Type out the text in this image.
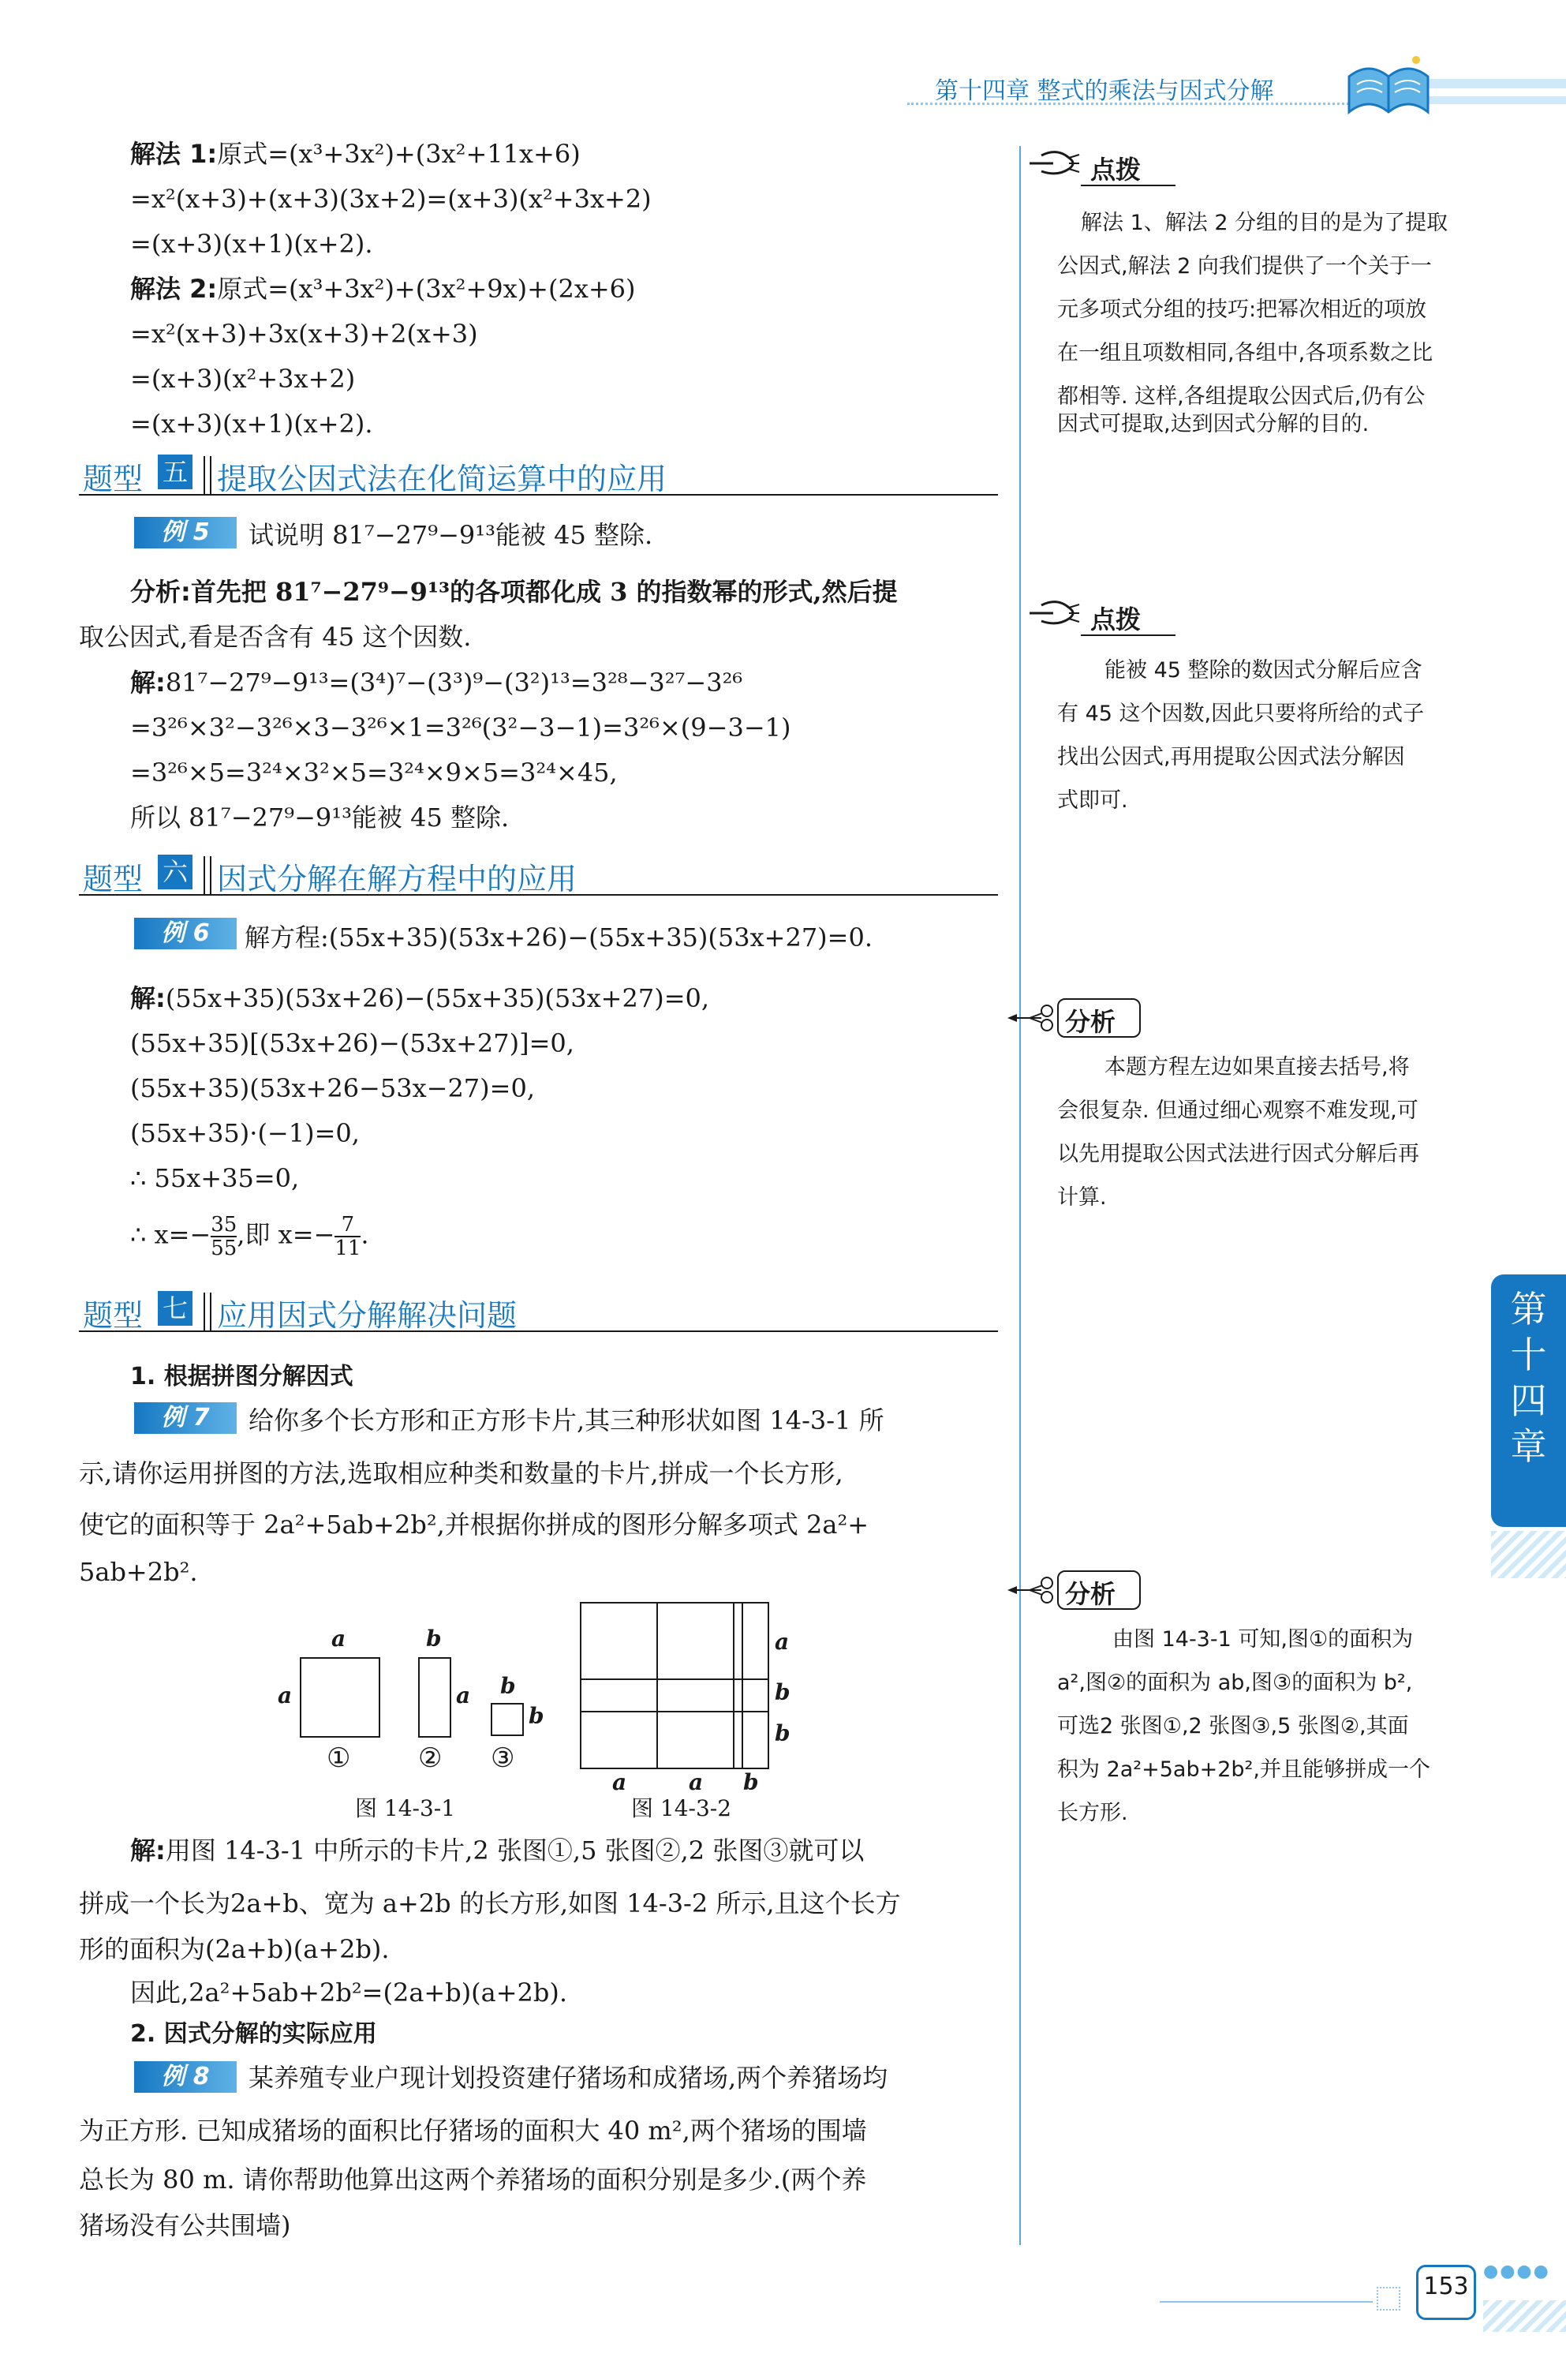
第十四章 整式的乘法与因式分解
解法 1:原式=(x³+3x²)+(3x²+11x+6)
=x²(x+3)+(x+3)(3x+2)=(x+3)(x²+3x+2)
=(x+3)(x+1)(x+2).
解法 2:原式=(x³+3x²)+(3x²+9x)+(2x+6)
=x²(x+3)+3x(x+3)+2(x+3)
=(x+3)(x²+3x+2)
=(x+3)(x+1)(x+2).
题型 五 提取公因式法在化简运算中的应用
例 5	试说明 81⁷−27⁹−9¹³能被 45 整除.
分析:首先把 81⁷−27⁹−9¹³的各项都化成 3 的指数幂的形式,然后提
取公因式,看是否含有 45 这个因数.
解:81⁷−27⁹−9¹³=(3⁴)⁷−(3³)⁹−(3²)¹³=3²⁸−3²⁷−3²⁶
=3²⁶×3²−3²⁶×3−3²⁶×1=3²⁶(3²−3−1)=3²⁶×(9−3−1)
=3²⁶×5=3²⁴×3²×5=3²⁴×9×5=3²⁴×45,
所以 81⁷−27⁹−9¹³能被 45 整除.
题型 六 因式分解在解方程中的应用
例 6	解方程:(55x+35)(53x+26)−(55x+35)(53x+27)=0.
解:(55x+35)(53x+26)−(55x+35)(53x+27)=0,
(55x+35)[(53x+26)−(53x+27)]=0,
(55x+35)(53x+26−53x−27)=0,
(55x+35)·(−1)=0,
∴ 55x+35=0,
∴ $x=- \frac{35}{55}$ ,即 $x=- \frac{7}{11}$ .
题型 七 应用因式分解解决问题
1. 根据拼图分解因式
例 7	给你多个长方形和正方形卡片,其三种形状如图 14-3-1 所
示,请你运用拼图的方法,选取相应种类和数量的卡片,拼成一个长方形,
使它的面积等于 2a²+5ab+2b²,并根据你拼成的图形分解多项式 2a²+
5ab+2b².
a
a
b
a b
b
①	② ③
图 14-3-1
a
b
b
a	a b
图 14-3-2
解:用图 14-3-1 中所示的卡片,2 张图①,5 张图②,2 张图③就可以
拼成一个长为2a+b、宽为 a+2b 的长方形,如图 14-3-2 所示,且这个长方
形的面积为(2a+b)(a+2b).
因此,2a²+5ab+2b²=(2a+b)(a+2b).
2. 因式分解的实际应用
例 8	某养殖专业户现计划投资建仔猪场和成猪场,两个养猪场均
为正方形. 已知成猪场的面积比仔猪场的面积大 40 m²,两个猪场的围墙
总长为 80 m. 请你帮助他算出这两个养猪场的面积分别是多少.(两个养
猪场没有公共围墙)
点拨
解法 1、解法 2 分组的目的是为了提取
公因式,解法 2 向我们提供了一个关于一
元多项式分组的技巧:把幂次相近的项放
在一组且项数相同,各组中,各项系数之比
都相等. 这样,各组提取公因式后,仍有公
因式可提取,达到因式分解的目的.
点拨
能被 45 整除的数因式分解后应含
有 45 这个因数,因此只要将所给的式子
找出公因式,再用提取公因式法分解因
式即可.
分析
本题方程左边如果直接去括号,将
会很复杂. 但通过细心观察不难发现,可
以先用提取公因式法进行因式分解后再
计算.
第
十
四
章
分析
由图 14-3-1 可知,图①的面积为
a²,图②的面积为 ab,图③的面积为 b²,
可选2 张图①,2 张图③,5 张图②,其面
积为 2a²+5ab+2b²,并且能够拼成一个
长方形.
153
●●●●
